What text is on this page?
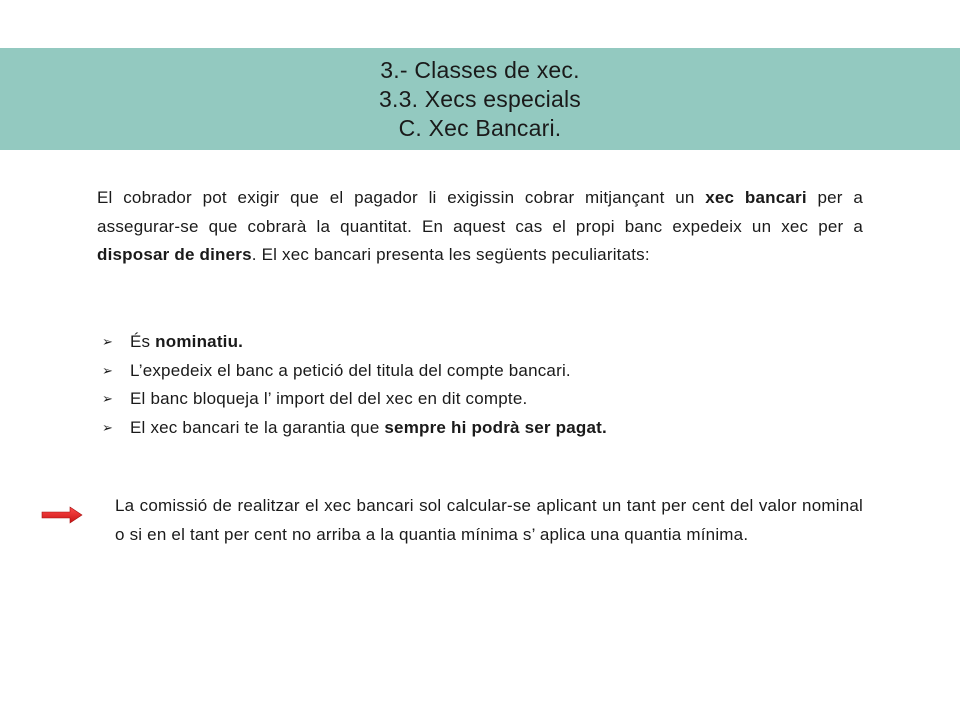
3.- Classes de xec.
3.3. Xecs especials
C. Xec Bancari.
El cobrador pot exigir que el pagador li exigissin cobrar mitjançant un xec bancari per a assegurar-se que cobrarà la quantitat. En aquest cas el propi banc expedeix un xec per a disposar de diners. El xec bancari presenta les següents peculiaritats:
➢ És nominatiu.
➢ L’expedeix el banc a petició del titula del compte bancari.
➢ El banc bloqueja l’ import del del xec en dit compte.
➢ El xec bancari te la garantia que sempre hi podrà ser pagat.
La comissió de realitzar el xec bancari sol calcular-se aplicant un tant per cent del valor nominal o si en el tant per cent no arriba a la quantia mínima s’ aplica una quantia mínima.
